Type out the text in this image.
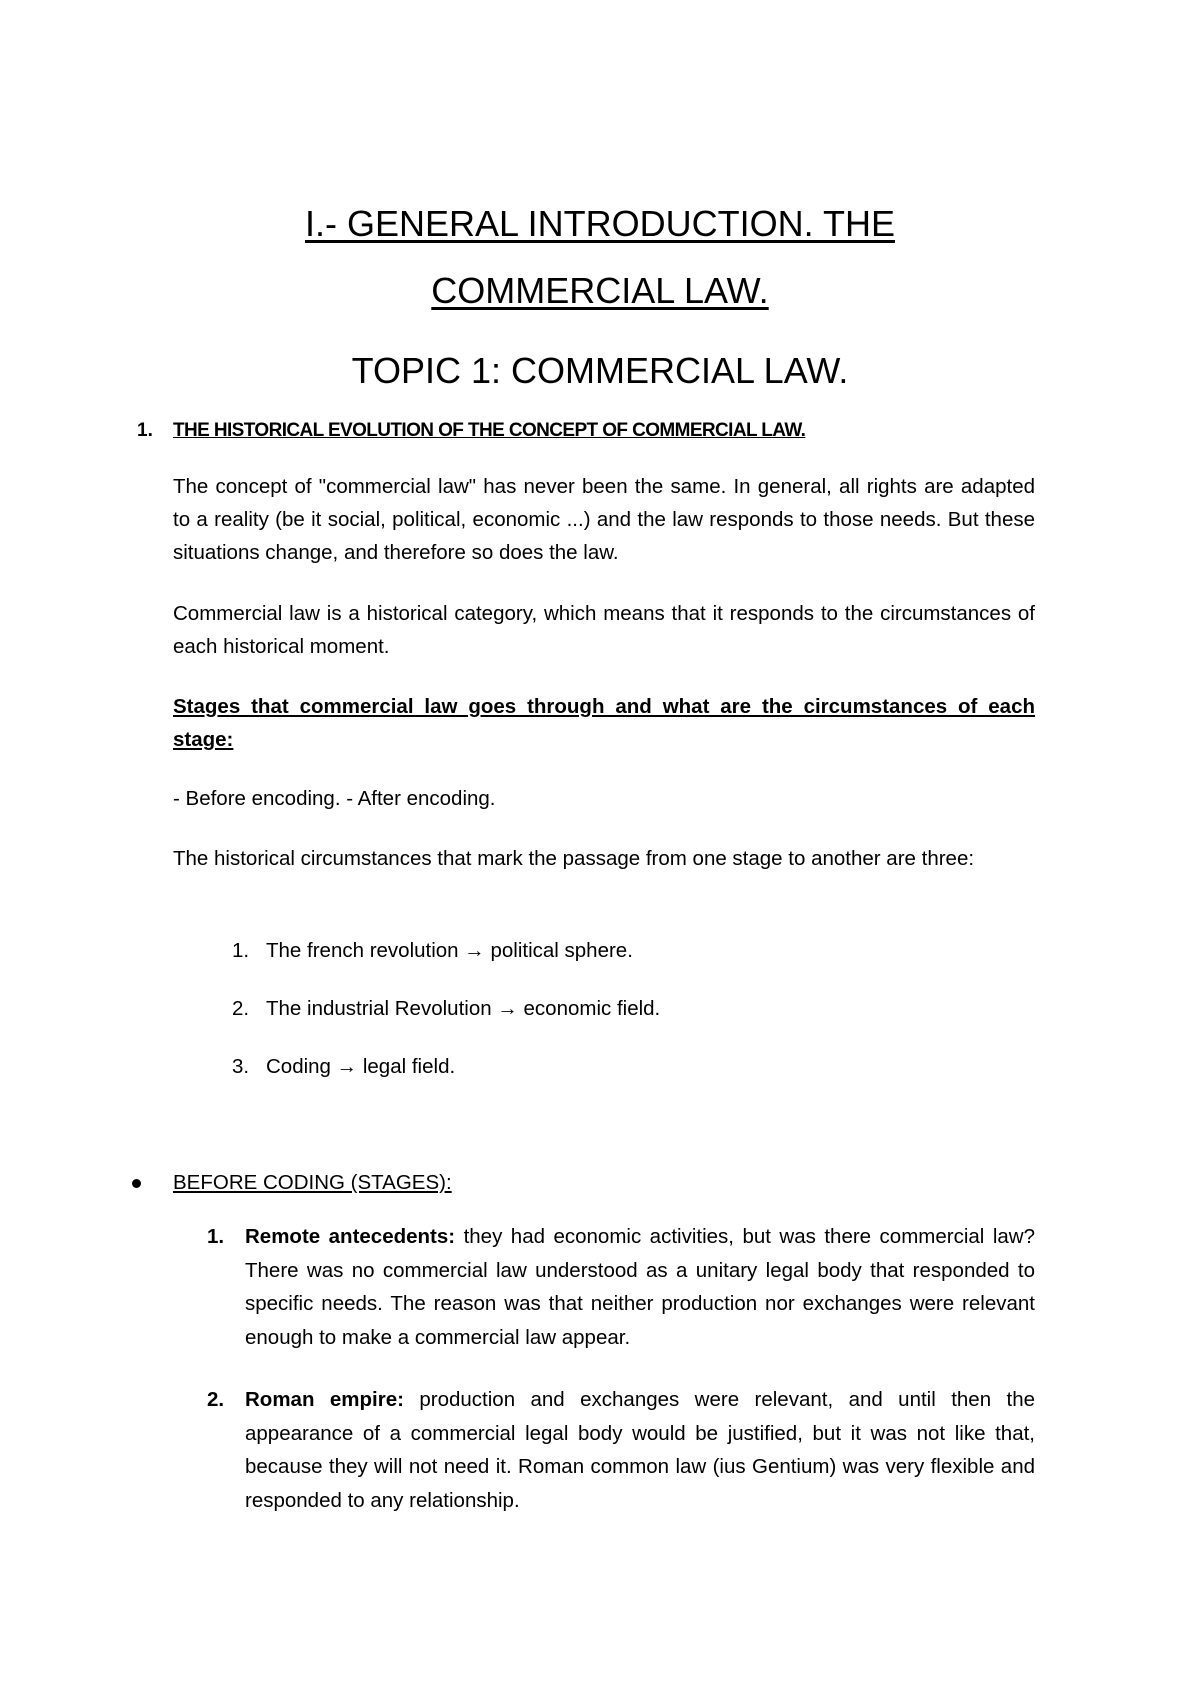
I.- GENERAL INTRODUCTION. THE
COMMERCIAL LAW.
TOPIC 1: COMMERCIAL LAW.
1. THE HISTORICAL EVOLUTION OF THE CONCEPT OF COMMERCIAL LAW.
The concept of "commercial law" has never been the same. In general, all rights are adapted to a reality (be it social, political, economic ...) and the law responds to those needs. But these situations change, and therefore so does the law.
Commercial law is a historical category, which means that it responds to the circumstances of each historical moment.
Stages that commercial law goes through and what are the circumstances of each stage:
- Before encoding. - After encoding.
The historical circumstances that mark the passage from one stage to another are three:
1. The french revolution → political sphere.
2. The industrial Revolution → economic field.
3. Coding → legal field.
BEFORE CODING (STAGES):
1. Remote antecedents: they had economic activities, but was there commercial law? There was no commercial law understood as a unitary legal body that responded to specific needs. The reason was that neither production nor exchanges were relevant enough to make a commercial law appear.
2. Roman empire: production and exchanges were relevant, and until then the appearance of a commercial legal body would be justified, but it was not like that, because they will not need it. Roman common law (ius Gentium) was very flexible and responded to any relationship.
